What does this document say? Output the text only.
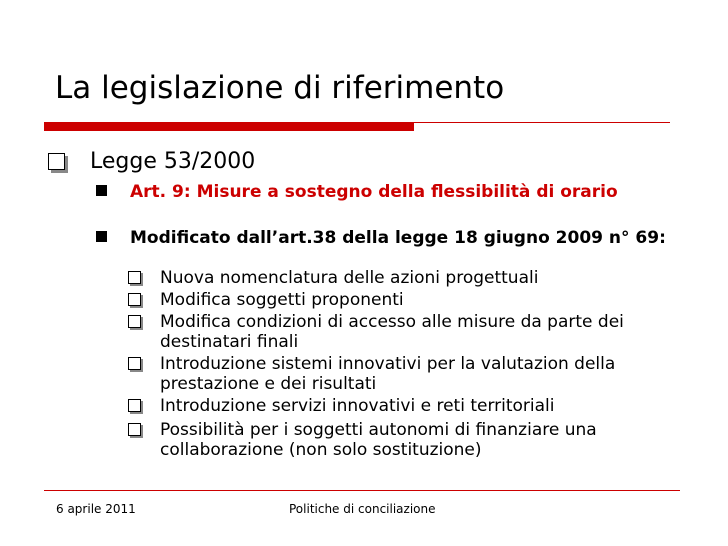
La legislazione di riferimento
Legge 53/2000
Art. 9: Misure a sostegno della flessibilità di orario
Modificato dall’art.38 della legge 18 giugno 2009 n° 69:
Nuova nomenclatura delle azioni progettuali
Modifica soggetti proponenti
Modifica condizioni di accesso alle misure da parte dei destinatari finali
Introduzione sistemi innovativi per la valutazion della prestazione e dei risultati
Introduzione servizi innovativi e reti territoriali
Possibilità per i soggetti autonomi di finanziare una collaborazione (non solo sostituzione)
6 aprile 2011	Politiche di conciliazione
